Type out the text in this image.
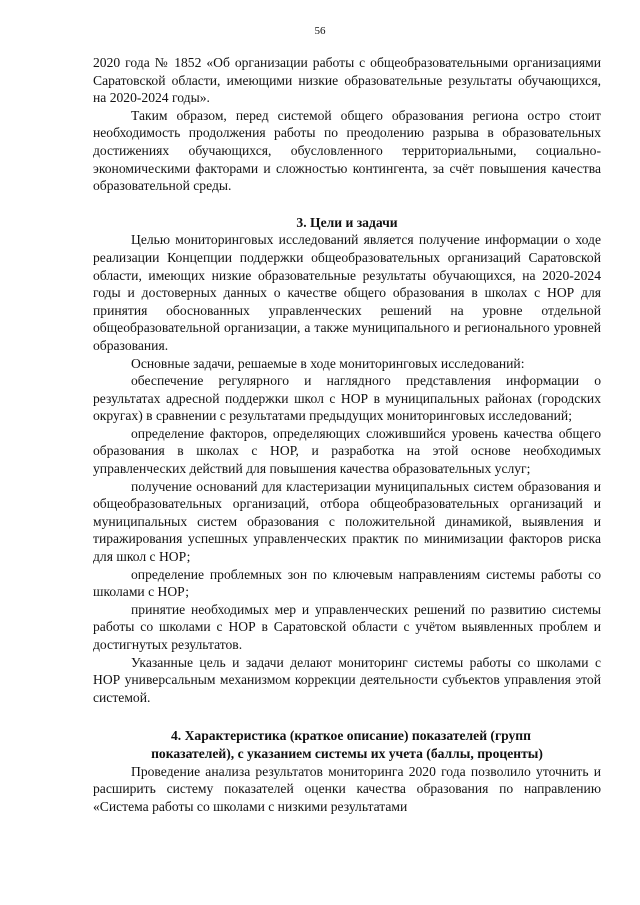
56

2020 года № 1852 «Об организации работы с общеобразовательными организациями Саратовской области, имеющими низкие образовательные результаты обучающихся, на 2020-2024 годы».

Таким образом, перед системой общего образования региона остро стоит необходимость продолжения работы по преодолению разрыва в образовательных достижениях обучающихся, обусловленного территориальными, социально-экономическими факторами и сложностью контингента, за счёт повышения качества образовательной среды.

3. Цели и задачи

Целью мониторинговых исследований является получение информации о ходе реализации Концепции поддержки общеобразовательных организаций Саратовской области, имеющих низкие образовательные результаты обучающихся, на 2020-2024 годы и достоверных данных о качестве общего образования в школах с НОР для принятия обоснованных управленческих решений на уровне отдельной общеобразовательной организации, а также муниципального и регионального уровней образования.

Основные задачи, решаемые в ходе мониторинговых исследований:

обеспечение регулярного и наглядного представления информации о результатах адресной поддержки школ с НОР в муниципальных районах (городских округах) в сравнении с результатами предыдущих мониторинговых исследований;

определение факторов, определяющих сложившийся уровень качества общего образования в школах с НОР, и разработка на этой основе необходимых управленческих действий для повышения качества образовательных услуг;

получение оснований для кластеризации муниципальных систем образования и общеобразовательных организаций, отбора общеобразовательных организаций и муниципальных систем образования с положительной динамикой, выявления и тиражирования успешных управленческих практик по минимизации факторов риска для школ с НОР;

определение проблемных зон по ключевым направлениям системы работы со школами с НОР;

принятие необходимых мер и управленческих решений по развитию системы работы со школами с НОР в Саратовской области с учётом выявленных проблем и достигнутых результатов.

Указанные цель и задачи делают мониторинг системы работы со школами с НОР универсальным механизмом коррекции деятельности субъектов управления этой системой.

4. Характеристика (краткое описание) показателей (групп
показателей), с указанием системы их учета (баллы, проценты)

Проведение анализа результатов мониторинга 2020 года позволило уточнить и расширить систему показателей оценки качества образования по направлению «Система работы со школами с низкими результатами
